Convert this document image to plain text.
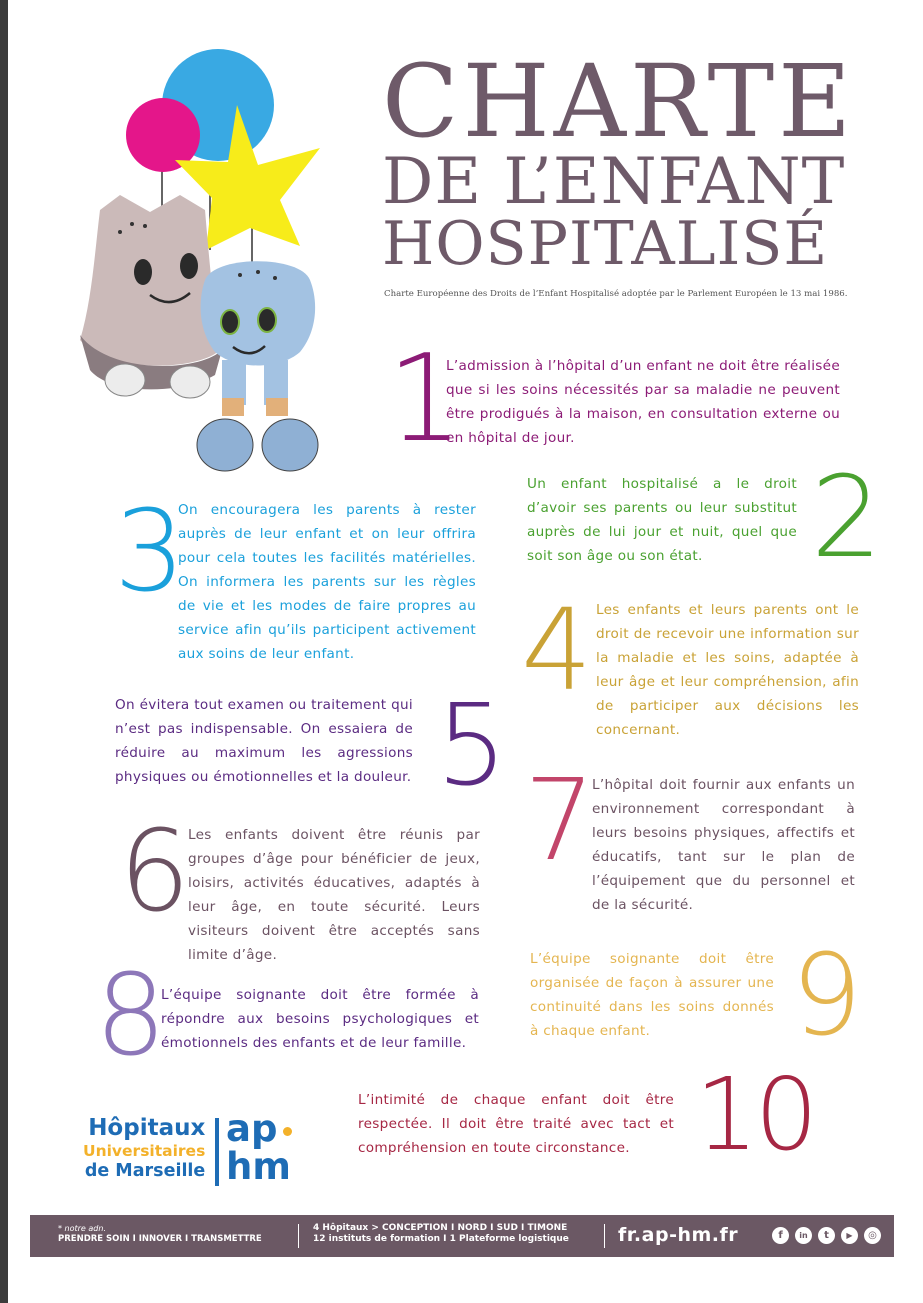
CHARTE
DE L’ENFANT
HOSPITALISÉ
Charte Européenne des Droits de l’Enfant Hospitalisé adoptée par le Parlement Européen le 13 mai 1986.
1
L’admission à l’hôpital d’un enfant ne doit être réalisée que si les soins nécessités par sa maladie ne peuvent être prodigués à la maison, en consultation externe ou en hôpital de jour.
Un enfant hospitalisé a le droit d’avoir ses parents ou leur substitut auprès de lui jour et nuit, quel que soit son âge ou son état. 2
3
On encouragera les parents à rester auprès de leur enfant et on leur offrira pour cela toutes les facilités matérielles. On informera les parents sur les règles de vie et les modes de faire propres au service afin qu’ils participent activement aux soins de leur enfant.	4 Les enfants et leurs parents ont le droit de recevoir une information sur la maladie et les soins, adaptée à leur âge et leur compréhension, afin de participer aux décisions les concernant.
On évitera tout examen ou traitement qui n’est pas indispensable. On essaiera de réduire au maximum les agressions physiques ou émotionnelles et la douleur. 5
6
Les enfants doivent être réunis par groupes d’âge pour bénéficier de jeux, loisirs, activités éducatives, adaptés à leur âge, en toute sécurité. Leurs visiteurs doivent être acceptés sans limite d’âge.
7
L’hôpital doit fournir aux enfants un environnement correspondant à leurs besoins physiques, affectifs et éducatifs, tant sur le plan de l’équipement que du personnel et de la sécurité.
8
L’équipe soignante doit être formée à répondre aux besoins psychologiques et émotionnels des enfants et de leur famille.
L’équipe soignante doit être organisée de façon à assurer une continuité dans les soins donnés à chaque enfant.	9
L’intimité de chaque enfant doit être respectée. Il doit être traité avec tact et compréhension en toute circonstance. 10
Hôpitaux
Universitaires
de Marseille
ap
hm
* notre adn.
PRENDRE SOIN I INNOVER I TRANSMETTRE
4 Hôpitaux > CONCEPTION I NORD I SUD I TIMONE
12 instituts de formation I 1 Plateforme logistique	fr.ap-hm.fr	f	in	t	▶	◎
